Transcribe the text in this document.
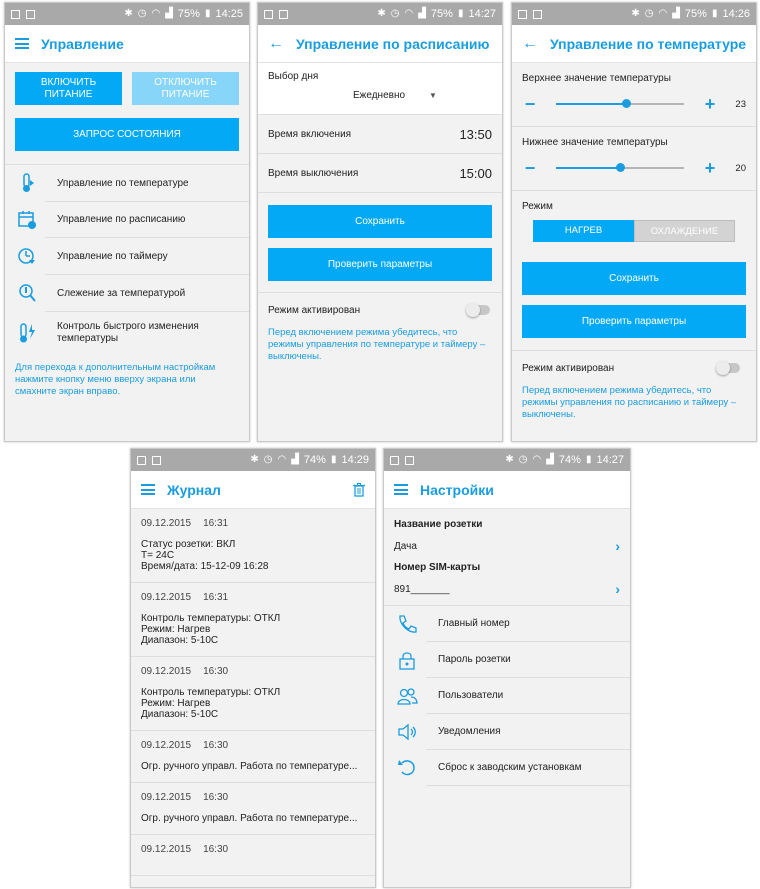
✱ ◷ ◠ ▟ 75% ▮ 14:25
Управление
ВКЛЮЧИТЬ ПИТАНИЕ
ОТКЛЮЧИТЬ ПИТАНИЕ
ЗАПРОС СОСТОЯНИЯ
Управление по температуре
Управление по расписанию
Управление по таймеру
Слежение за температурой
Контроль быстрого изменения температуры
Для перехода к дополнительным настройкам нажмите кнопку меню вверху экрана или смахните экран вправо.
✱ ◷ ◠ ▟ 75% ▮ 14:27
← Управление по расписанию
Выбор дня
Ежедневно	▼
Время включения	13:50
Время выключения	15:00
Сохранить
Проверить параметры
Режим активирован
Перед включением режима убедитесь, что режимы управления по температуре и таймеру – выключены.
✱ ◷ ◠ ▟ 75% ▮ 14:26
← Управление по температуре
Верхнее значение температуры
−	+ 23
Нижнее значение температуры
−	+ 20
Режим
НАГРЕВ	ОХЛАЖДЕНИЕ
Сохранить
Проверить параметры
Режим активирован
Перед включением режима убедитесь, что режимы управления по расписанию и таймеру – выключены.
✱ ◷ ◠ ▟ 74% ▮ 14:29
Журнал
09.12.2015 16:31
Статус розетки: ВКЛ
T= 24C
Время/дата: 15-12-09 16:28
09.12.2015 16:31
Контроль температуры: ОТКЛ
Режим: Нагрев
Диапазон: 5-10С
09.12.2015 16:30
Контроль температуры: ОТКЛ
Режим: Нагрев
Диапазон: 5-10С
09.12.2015 16:30
Огр. ручного управл. Работа по температуре...
09.12.2015 16:30
Огр. ручного управл. Работа по температуре...
09.12.2015 16:30
✱ ◷ ◠ ▟ 74% ▮ 14:27
Настройки
Название розетки
Дача	›
Номер SIM-карты
891_______	›
Главный номер
Пароль розетки
Пользователи
Уведомления
Сброс к заводским установкам
